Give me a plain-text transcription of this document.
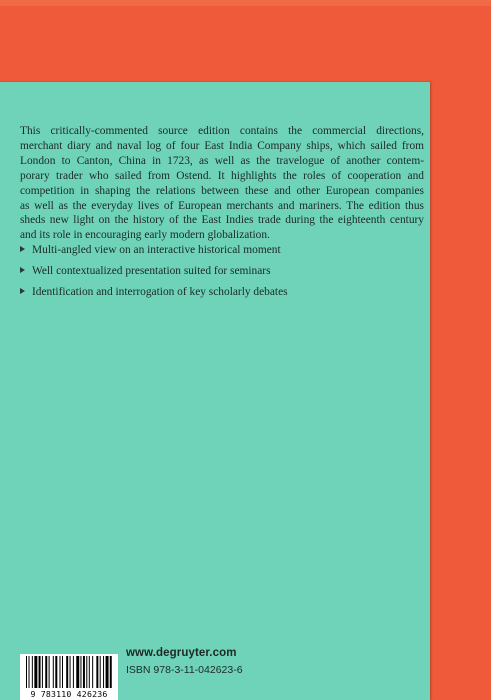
This critically-commented source edition contains the commercial directions,
merchant diary and naval log of four East India Company ships, which sailed from
London to Canton, China in 1723, as well as the travelogue of another contem-
porary trader who sailed from Ostend. It highlights the roles of cooperation and
competition in shaping the relations between these and other European companies
as well as the everyday lives of European merchants and mariners. The edition thus
sheds new light on the history of the East Indies trade during the eighteenth century
and its role in encouraging early modern globalization.
Multi-angled view on an interactive historical moment
Well contextualized presentation suited for seminars
Identification and interrogation of key scholarly debates
9 783110 426236
www.degruyter.com
ISBN 978-3-11-042623-6
